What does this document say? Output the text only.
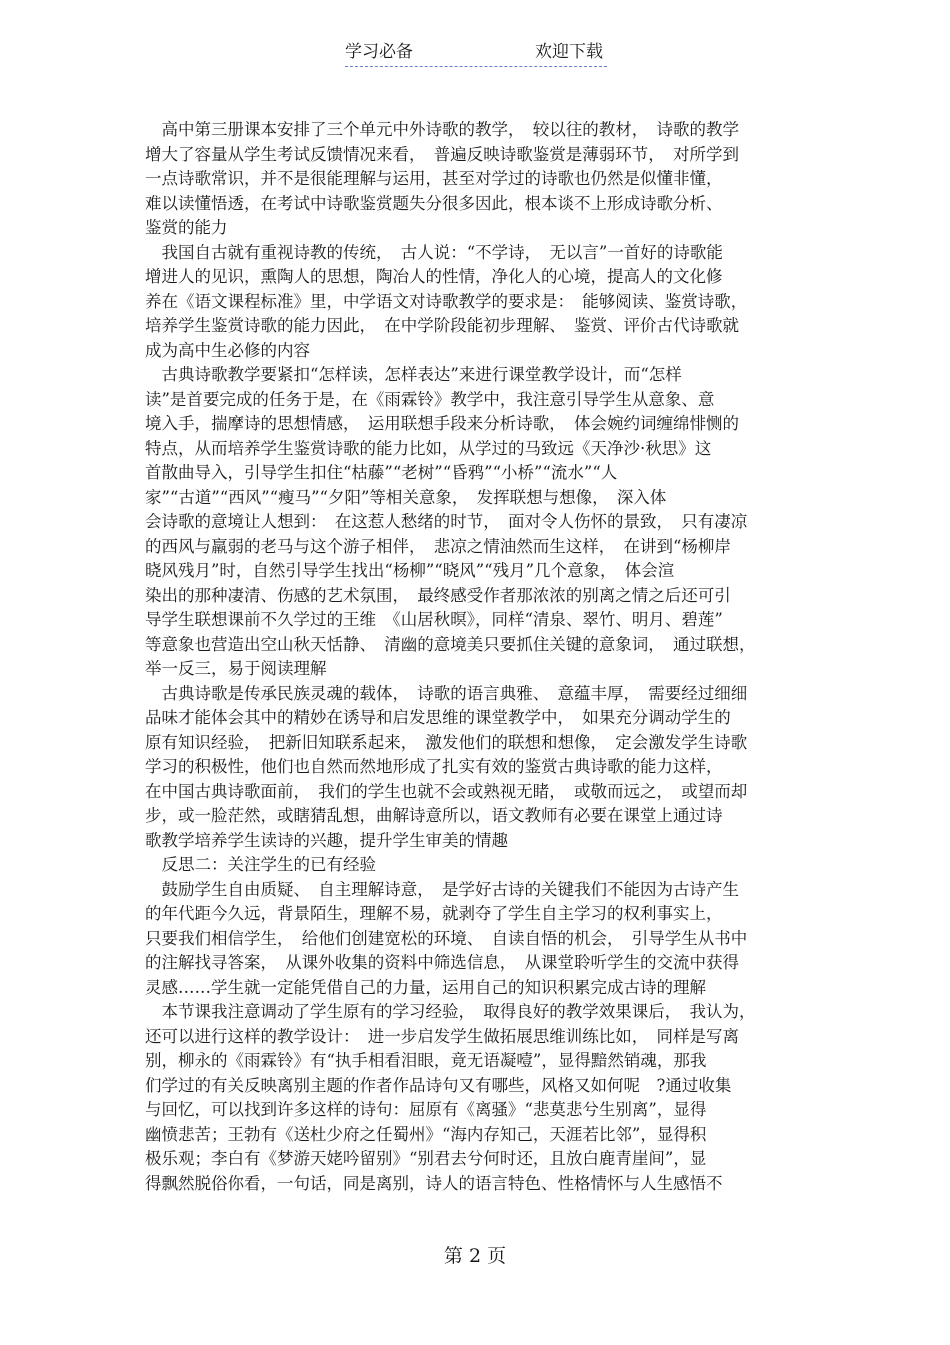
学习必备	欢迎下载
　高中第三册课本安排了三个单元中外诗歌的教学，　较以往的教材，　诗歌的教学
增大了容量从学生考试反馈情况来看，　普遍反映诗歌鉴赏是薄弱环节，　对所学到
一点诗歌常识，并不是很能理解与运用，甚至对学过的诗歌也仍然是似懂非懂，
难以读懂悟透，在考试中诗歌鉴赏题失分很多因此，根本谈不上形成诗歌分析、
鉴赏的能力
　我国自古就有重视诗教的传统，　古人说：“不学诗，　无以言”一首好的诗歌能
增进人的见识，熏陶人的思想，陶冶人的性情，净化人的心境，提高人的文化修
养在《语文课程标准》里，中学语文对诗歌教学的要求是：　能够阅读、鉴赏诗歌，
培养学生鉴赏诗歌的能力因此，　在中学阶段能初步理解、　鉴赏、评价古代诗歌就
成为高中生必修的内容
　古典诗歌教学要紧扣“怎样读，怎样表达”来进行课堂教学设计，而“怎样
读”是首要完成的任务于是，在《雨霖铃》教学中，我注意引导学生从意象、意
境入手，揣摩诗的思想情感，　运用联想手段来分析诗歌，　体会婉约词缠绵悱恻的
特点，从而培养学生鉴赏诗歌的能力比如，从学过的马致远《天净沙·秋思》这
首散曲导入，引导学生扣住“枯藤”“老树”“昏鸦”“小桥”“流水”“人
家”“古道”“西风”“瘦马”“夕阳”等相关意象，　发挥联想与想像，　深入体
会诗歌的意境让人想到：　在这惹人愁绪的时节，　面对令人伤怀的景致，　只有凄凉
的西风与羸弱的老马与这个游子相伴，　悲凉之情油然而生这样，　在讲到“杨柳岸
晓风残月”时，自然引导学生找出“杨柳”“晓风”“残月”几个意象，　体会渲
染出的那种凄清、伤感的艺术氛围，　最终感受作者那浓浓的别离之情之后还可引
导学生联想课前不久学过的王维　《山居秋暝》，同样“清泉、翠竹、明月、碧莲”
等意象也营造出空山秋天恬静、　清幽的意境美只要抓住关键的意象词，　通过联想，
举一反三，易于阅读理解
　古典诗歌是传承民族灵魂的载体，　诗歌的语言典雅、　意蕴丰厚，　需要经过细细
品味才能体会其中的精妙在诱导和启发思维的课堂教学中，　如果充分调动学生的
原有知识经验，　把新旧知联系起来，　激发他们的联想和想像，　定会激发学生诗歌
学习的积极性，他们也自然而然地形成了扎实有效的鉴赏古典诗歌的能力这样，
在中国古典诗歌面前，　我们的学生也就不会或熟视无睹，　或敬而远之，　或望而却
步，或一脸茫然，或瞎猜乱想，曲解诗意所以，语文教师有必要在课堂上通过诗
歌教学培养学生读诗的兴趣，提升学生审美的情趣
　反思二：关注学生的已有经验
　鼓励学生自由质疑、　自主理解诗意，　是学好古诗的关键我们不能因为古诗产生
的年代距今久远，背景陌生，理解不易，就剥夺了学生自主学习的权利事实上，
只要我们相信学生，　给他们创建宽松的环境、　自读自悟的机会，　引导学生从书中
的注解找寻答案，　从课外收集的资料中筛选信息，　从课堂聆听学生的交流中获得
灵感……学生就一定能凭借自己的力量，运用自己的知识积累完成古诗的理解
　本节课我注意调动了学生原有的学习经验，　取得良好的教学效果课后，　我认为，
还可以进行这样的教学设计：　进一步启发学生做拓展思维训练比如，　同样是写离
别，柳永的《雨霖铃》有“执手相看泪眼，竟无语凝噎”，显得黯然销魂，那我
们学过的有关反映离别主题的作者作品诗句又有哪些，风格又如何呢　?通过收集
与回忆，可以找到许多这样的诗句：屈原有《离骚》“悲莫悲兮生别离”，显得
幽愤悲苦；王勃有《送杜少府之任蜀州》“海内存知己，天涯若比邻”，显得积
极乐观；李白有《梦游天姥吟留别》“别君去兮何时还，且放白鹿青崖间”，显
得飘然脱俗你看，一句话，同是离别，诗人的语言特色、性格情怀与人生感悟不
第 2 页
